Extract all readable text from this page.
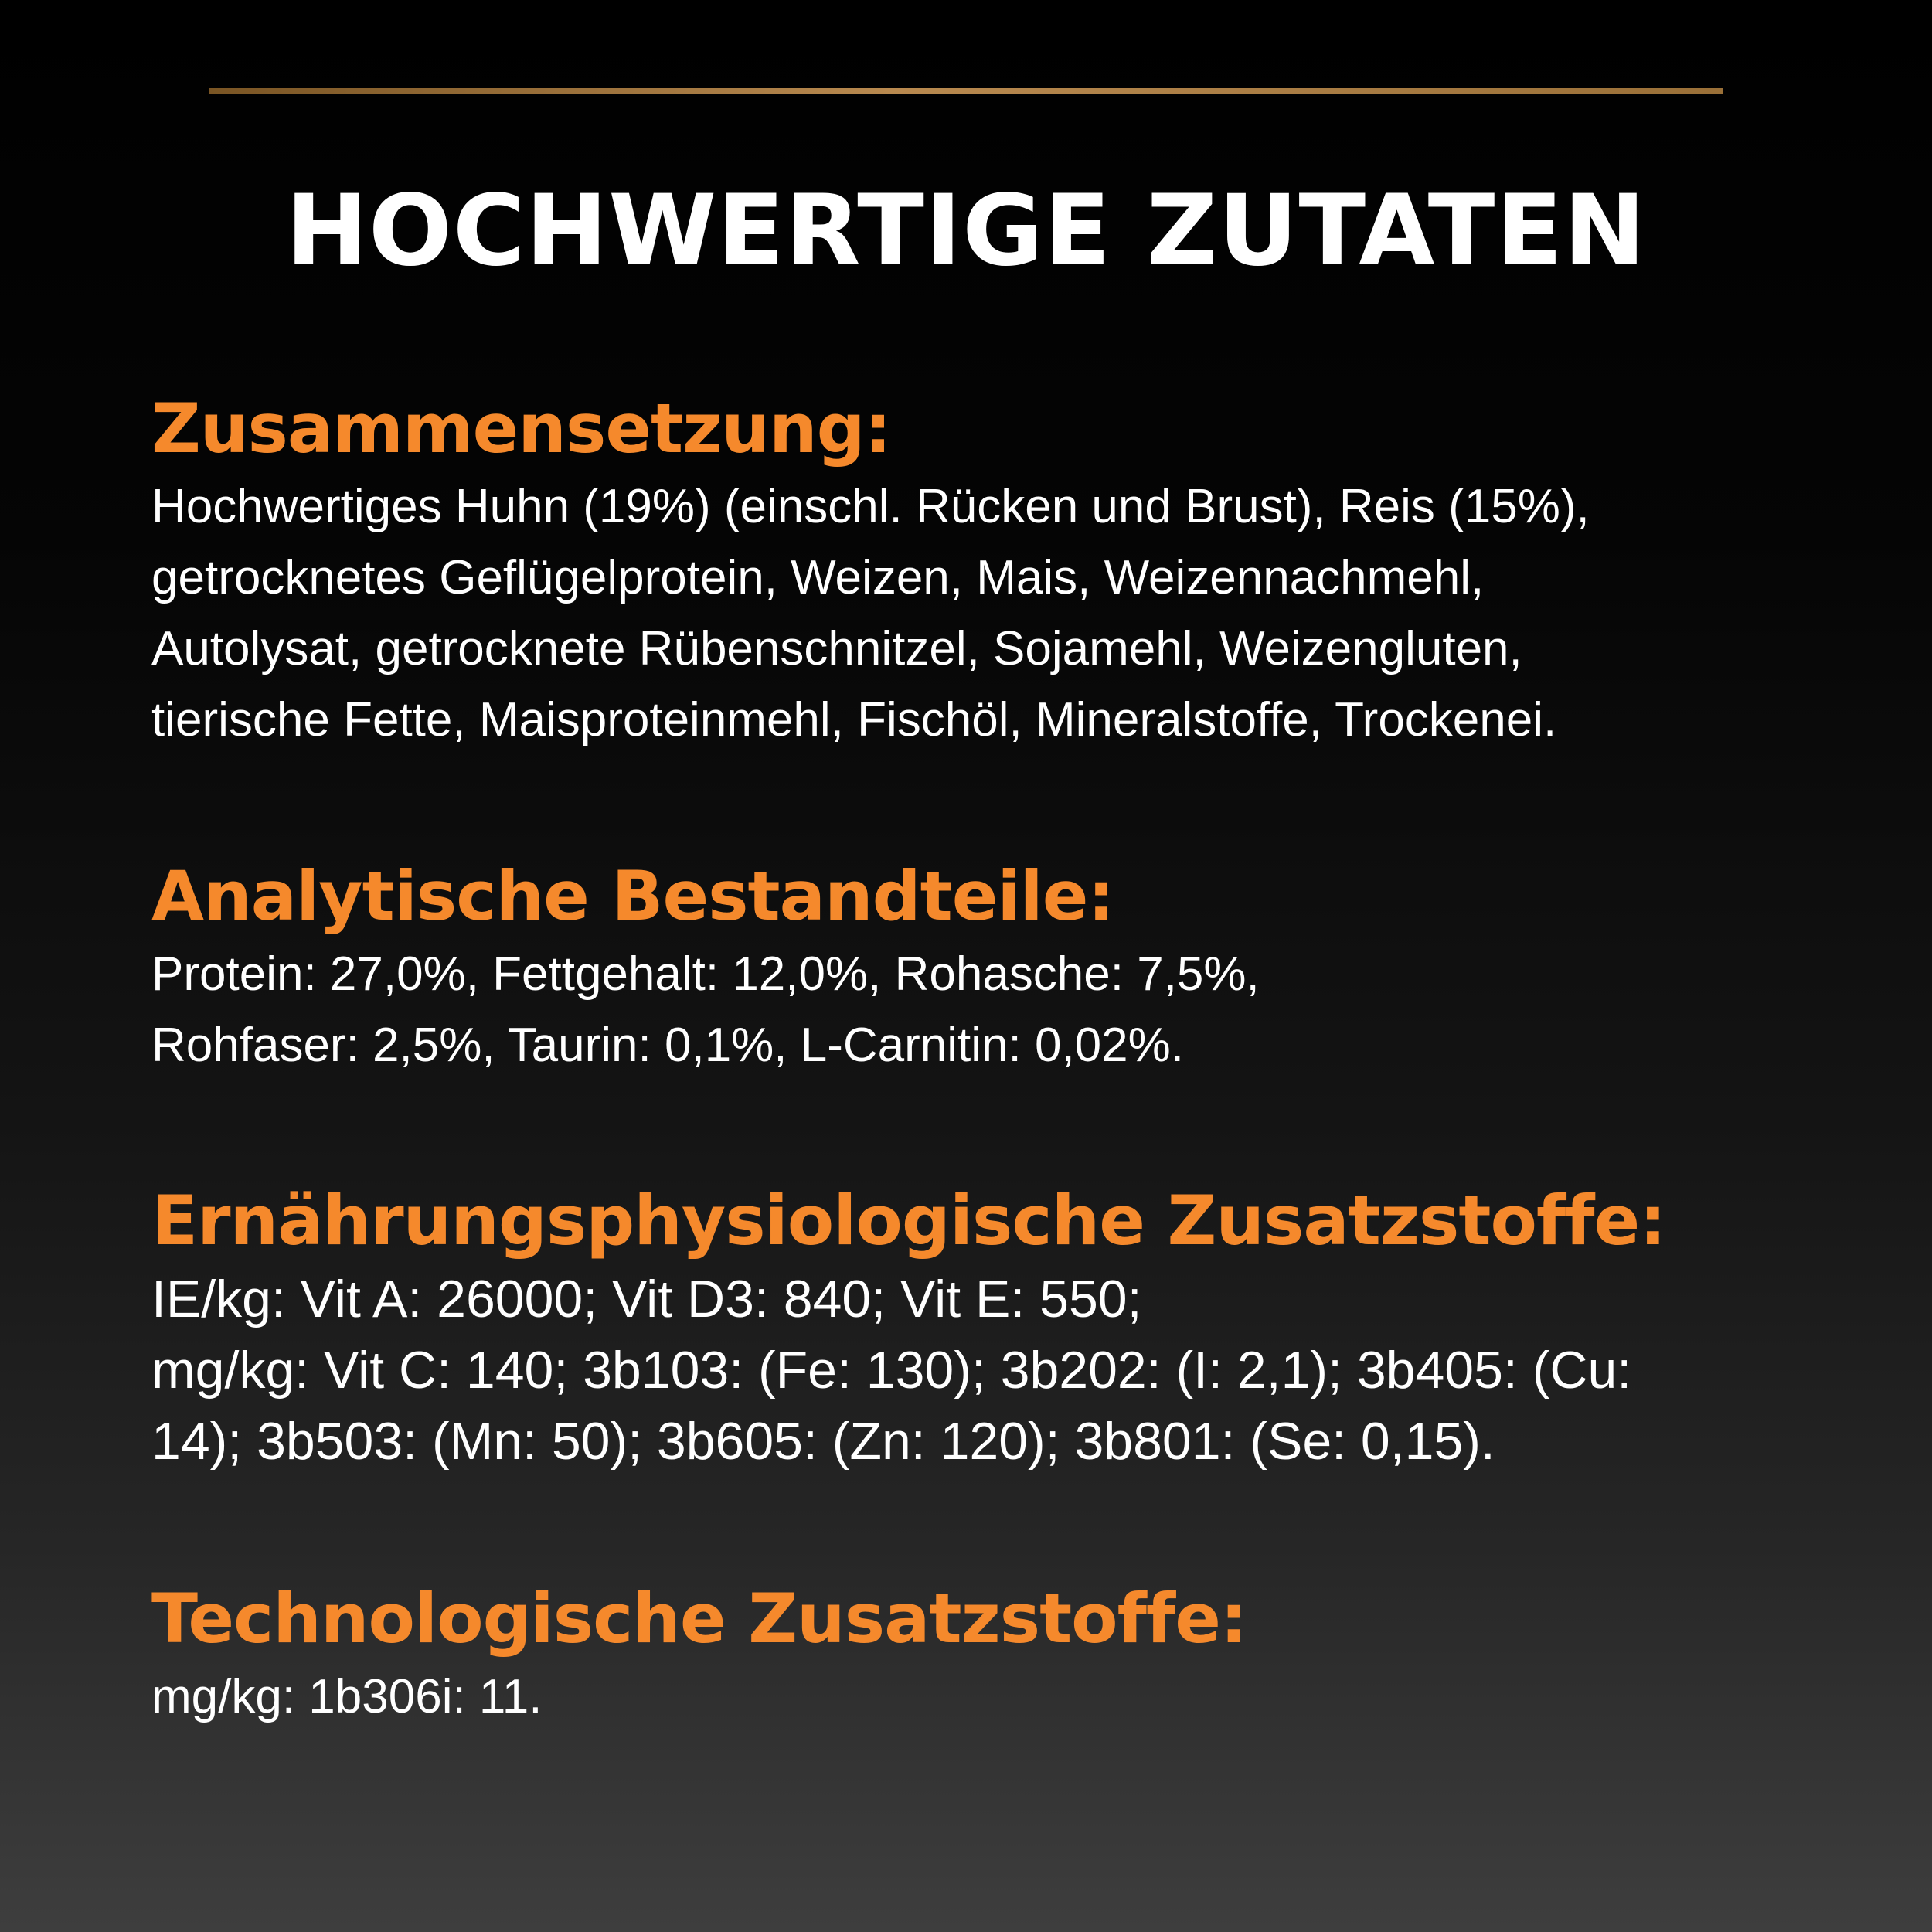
HOCHWERTIGE ZUTATEN
Zusammensetzung:
Hochwertiges Huhn (19%) (einschl. Rücken und Brust), Reis (15%),
getrocknetes Geflügelprotein, Weizen, Mais, Weizennachmehl,
Autolysat, getrocknete Rübenschnitzel, Sojamehl, Weizengluten,
tierische Fette, Maisproteinmehl, Fischöl, Mineralstoffe, Trockenei.
Analytische Bestandteile:
Protein: 27,0%, Fettgehalt: 12,0%, Rohasche: 7,5%,
Rohfaser: 2,5%, Taurin: 0,1%, L-Carnitin: 0,02%.
Ernährungsphysiologische Zusatzstoffe:
IE/kg: Vit A: 26000; Vit D3: 840; Vit E: 550;
mg/kg: Vit C: 140; 3b103: (Fe: 130); 3b202: (I: 2,1); 3b405: (Cu:
14); 3b503: (Mn: 50); 3b605: (Zn: 120); 3b801: (Se: 0,15).
Technologische Zusatzstoffe:
mg/kg: 1b306i: 11.
